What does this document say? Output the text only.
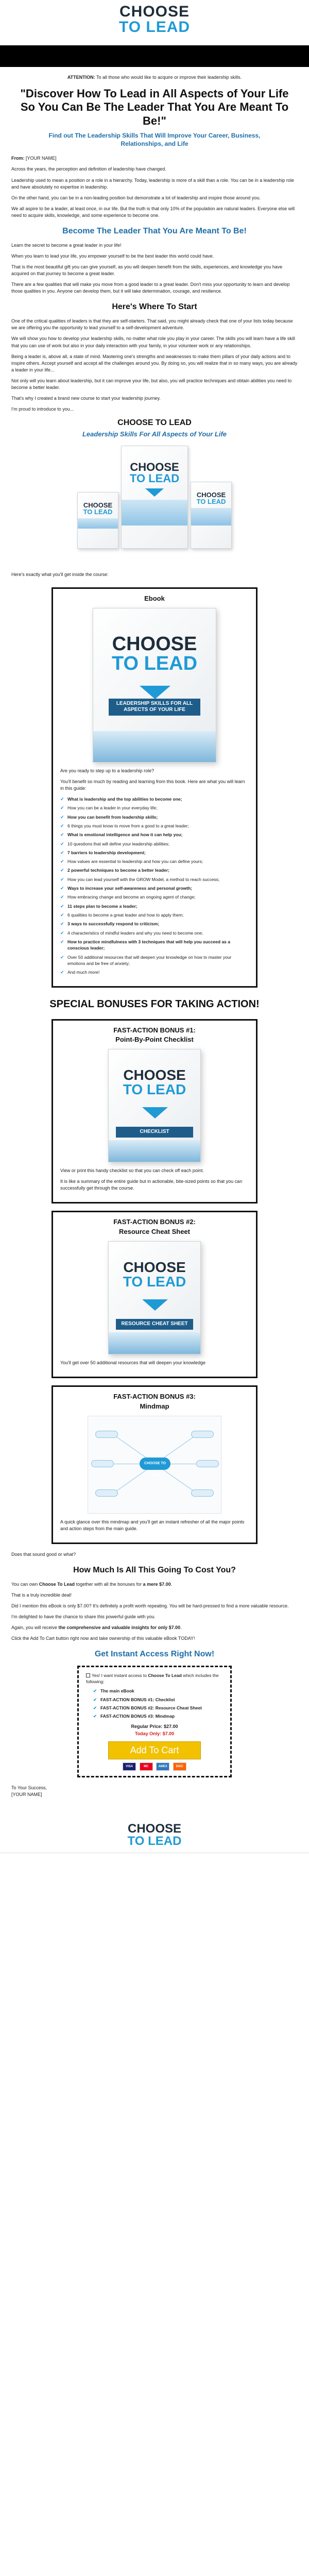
CHOOSE
TO LEAD

ATTENTION: To all those who would like to acquire or improve their leadership skills.

"Discover How To Lead in All Aspects of Your Life So You Can Be The Leader That You Are Meant To Be!"
Find out The Leadership Skills That Will Improve Your Career, Business, Relationships, and Life

From: [YOUR NAME]

Across the years, the perception and definition of leadership have changed.

Leadership used to mean a position or a role in a hierarchy. Today, leadership is more of a skill than a role. You can be in a leadership role and have absolutely no expertise in leadership.

On the other hand, you can be in a non-leading position but demonstrate a lot of leadership and inspire those around you.

We all aspire to be a leader, at least once, in our life. But the truth is that only 10% of the population are natural leaders. Everyone else will need to acquire skills, knowledge, and some experience to become one.

Become The Leader That You Are Meant To Be!

Learn the secret to become a great leader in your life!

When you learn to lead your life, you empower yourself to be the best leader this world could have.

That is the most beautiful gift you can give yourself, as you will deepen benefit from the skills, experiences, and knowledge you have acquired on that journey to become a great leader.

There are a few qualities that will make you move from a good leader to a great leader. Don't miss your opportunity to learn and develop those qualities in you. Anyone can develop them, but it will take determination, courage, and resilience.

Here's Where To Start

One of the critical qualities of leaders is that they are self-starters. That said, you might already check that one of your lists today because we are offering you the opportunity to lead yourself to a self-development adventure.

We will show you how to develop your leadership skills, no matter what role you play in your career. The skills you will learn have a life skill that you can use of work but also in your daily interaction with your family, in your volunteer work or any relationships.

Being a leader is, above all, a state of mind. Mastering one's strengths and weaknesses to make them pillars of your daily actions and to inspire others. Accept yourself and accept all the challenges around you. By doing so, you will realize that in so many ways, you are already a leader in your life...

Not only will you learn about leadership, but it can improve your life, but also, you will practice techniques and obtain abilities you need to become a better leader.

That's why I created a brand new course to start your leadership journey.

I'm proud to introduce to you...

CHOOSE TO LEAD
Leadership Skills For All Aspects of Your Life
CHOOSE
TO LEAD
CHOOSE
TO LEAD
CHOOSE
TO LEAD

Here's exactly what you'll get inside the course:

Ebook
CHOOSE
TO LEAD
LEADERSHIP SKILLS FOR ALL ASPECTS OF YOUR LIFE

Are you ready to step up to a leadership role?

You'll benefit so much by reading and learning from this book. Here are what you will learn in this guide:

✔ What is leadership and the top abilities to become one;
✔ How you can be a leader in your everyday life;
✔ How you can benefit from leadership skills;
✔ 6 things you must know to move from a good to a great leader;
✔ What is emotional intelligence and how it can help you;
✔ 10 questions that will define your leadership abilities;
✔ 7 barriers to leadership development;
✔ How values are essential to leadership and how you can define yours;
✔ 2 powerful techniques to become a better leader;
✔ How you can lead yourself with the GROW Model, a method to reach success;
✔ Ways to increase your self-awareness and personal growth;
✔ How embracing change and become an ongoing agent of change;
✔ 11 steps plan to become a leader;
✔ 6 qualities to become a great leader and how to apply them;
✔ 3 ways to successfully respond to criticism;
✔ 4 characteristics of mindful leaders and why you need to become one;
✔ How to practice mindfulness with 3 techniques that will help you succeed as a conscious leader;
✔ Over 50 additional resources that will deepen your knowledge on how to master your emotions and be free of anxiety;
✔ And much more!
SPECIAL BONUSES FOR TAKING ACTION!
FAST-ACTION BONUS #1:
Point-By-Point Checklist
CHOOSE
TO LEAD
CHECKLIST

View or print this handy checklist so that you can check off each point.

It is like a summary of the entire guide but in actionable, bite-sized points so that you can successfully get through the course.

FAST-ACTION BONUS #2:
Resource Cheat Sheet
CHOOSE
TO LEAD
RESOURCE CHEAT SHEET

You'll get over 50 additional resources that will deepen your knowledge

FAST-ACTION BONUS #3:
Mindmap
CHOOSE TO LEAD

A quick glance over this mindmap and you'll get an instant refresher of all the major points and action steps from the main guide.

Does that sound good or what?

How Much Is All This Going To Cost You?

You can own Choose To Lead together with all the bonuses for a mere $7.00.

That is a truly incredible deal!

Did I mention this eBook is only $7.00? It's definitely a profit worth repeating. You will be hard-pressed to find a more valuable resource.

I'm delighted to have the chance to share this powerful guide with you.

Again, you will receive the comprehensive and valuable insights for only $7.00.

Click the Add To Cart button right now and take ownership of this valuable eBook TODAY!

Get Instant Access Right Now!

Yes! I want instant access to Choose To Lead which includes the following:

✔ The main eBook
✔ FAST-ACTION BONUS #1: Checklist
✔ FAST-ACTION BONUS #2: Resource Cheat Sheet
✔ FAST-ACTION BONUS #3: Mindmap
Regular Price: $27.00
Today Only: $7.00
Add To Cart
VISA	MC	AMEX	DISC

To Your Success,
[YOUR NAME]

CHOOSE
TO LEAD
